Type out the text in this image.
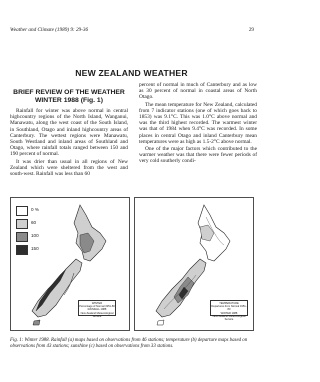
Weather and Climate (1989) 9: 29-36	29
NEW ZEALAND WEATHER
BRIEF REVIEW OF THE WEATHER
WINTER 1988 (Fig. 1)

Rainfall for winter was above normal in central highcountry regions of the North Island, Wanganui, Manawatu, along the west coast of the South Island, in Southland, Otago and inland highcountry areas of Canterbury. The wettest regions were Manawatu, South Westland and inland areas of Southland and Otago, where rainfall totals ranged between 150 and 190 percent of normal.

It was drier than usual in all regions of New Zealand which were sheltered from the west and south-west. Rainfall was less than 60

percent of normal in much of Canterbury and as low as 30 percent of normal in coastal areas of North Otago.

The mean temperature for New Zealand, calculated from 7 indicator stations (one of which goes back to 1853) was 9.1°C. This was 1.0°C above normal and was the third highest recorded. The warmest winter was that of 1984 when 9.4°C was recorded. In some places in central Otago and inland Canterbury mean temperatures were as high as 1.5-2°C above normal.

One of the major factors which contributed to the warmer weather was that there were fewer periods of very cold southerly condi-

0 %
60
100
150
WINTER
Percentage of Normal 1951-80
RAINFALL 1988
New Zealand Meteorological Service
TEMPERATURE
Departures from Normal 1951-80
WINTER 1988
New Zealand Meteorological Service
Fig. 1: Winter 1988. Rainfall (a) maps based on observations from 46 stations; temperature (b) departure maps based on observations from 43 stations; sunshine (c) based on observations from 33 stations.
